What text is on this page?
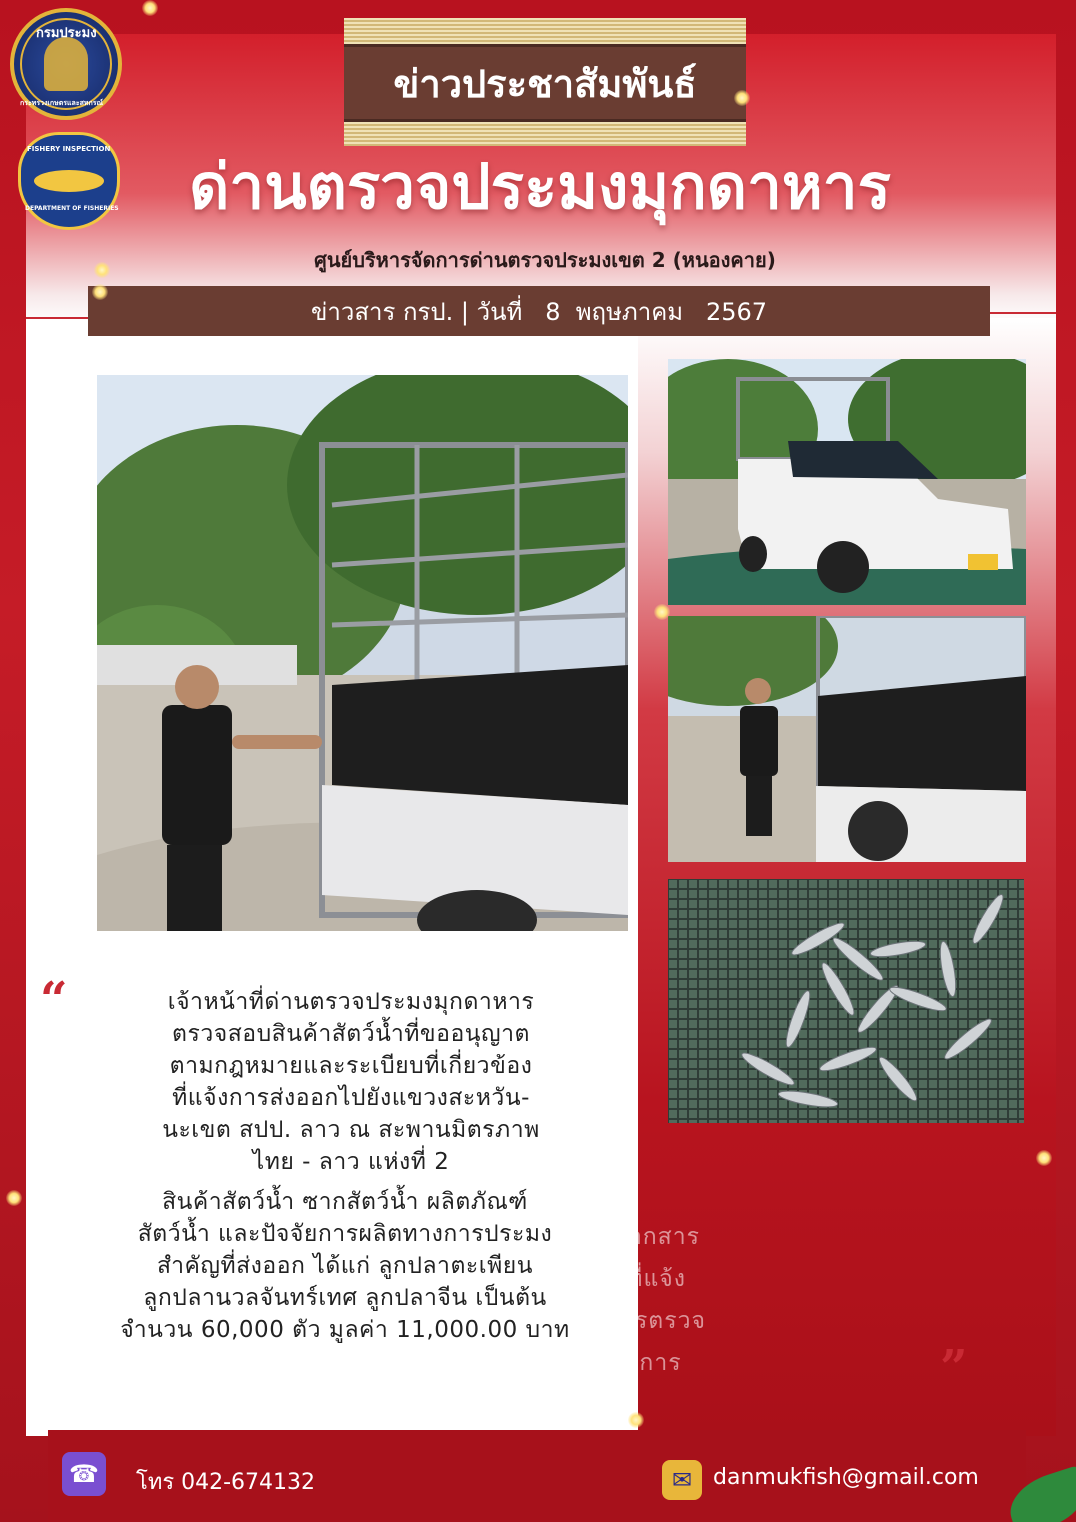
กรมประมง
กระทรวงเกษตรและสหกรณ์
FISHERY INSPECTION
DEPARTMENT OF FISHERIES
ข่าวประชาสัมพันธ์
ด่านตรวจประมงมุกดาหาร
ศูนย์บริหารจัดการด่านตรวจประมงเขต 2 (หนองคาย)
ข่าวสาร กรป. | วันที่   8  พฤษภาคม   2567
“	เจ้าหน้าที่ด่านตรวจประมงมุกดาหาร
ตรวจสอบสินค้าสัตว์น้ำที่ขออนุญาต
ตามกฎหมายและระเบียบที่เกี่ยวข้อง
ที่แจ้งการส่งออกไปยังแขวงสะหวัน-
นะเขต สปป. ลาว ณ สะพานมิตรภาพ
ไทย - ลาว แห่งที่ 2
เอกสาร
ตามที่แจ้ง
การตรวจ
ปล่อยให้กับผู้ประกอบการ
ตามระเบียบ
สินค้าสัตว์น้ำ ซากสัตว์น้ำ ผลิตภัณฑ์
สัตว์น้ำ และปัจจัยการผลิตทางการประมง
สำคัญที่ส่งออก ได้แก่ ลูกปลาตะเพียน
ลูกปลานวลจันทร์เทศ ลูกปลาจีน เป็นต้น
จำนวน 60,000 ตัว มูลค่า 11,000.00 บาท
”
☎	โทร 042-674132	✉ danmukfish@gmail.com
